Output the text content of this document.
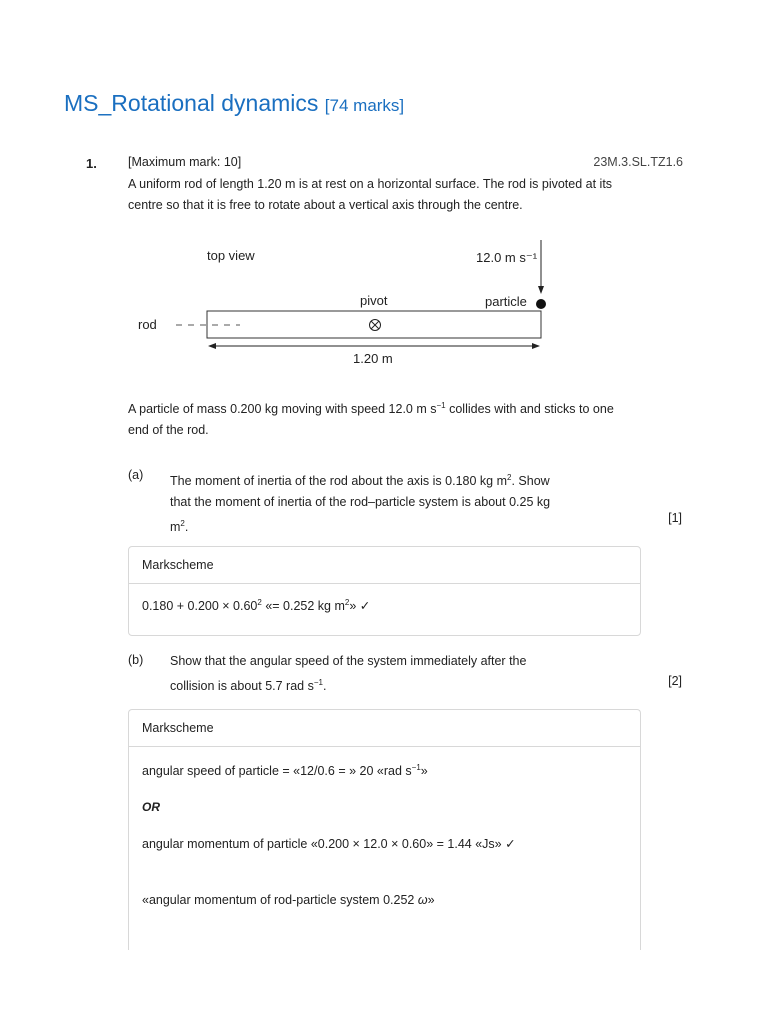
MS_Rotational dynamics [74 marks]
1. [Maximum mark: 10]	23M.3.SL.TZ1.6
A uniform rod of length 1.20 m is at rest on a horizontal surface. The rod is pivoted at its
centre so that it is free to rotate about a vertical axis through the centre.
top view	12.0 m s⁻¹
pivot	particle
rod
1.20 m
A particle of mass 0.200 kg moving with speed 12.0 m $s^{-1}$ collides with and sticks to one
end of the rod.
(a) The moment of inertia of the rod about the axis is 0.180 kg $m^2$. Show
that the moment of inertia of the rod–particle system is about 0.25 kg
$m^2$.
[1]
Markscheme
$0.180 + 0.200 \times 0.60^2$ «= 0.252 kg $m^2$» ✓
(b) Show that the angular speed of the system immediately after the
collision is about 5.7 rad $s^{-1}$.	[2]
Markscheme
angular speed of particle = «12/0.6 = » 20 «rad $s^{-1}$»
OR
angular momentum of particle «0.200 × 12.0 × 0.60» = 1.44 «Js» ✓
«angular momentum of rod-particle system 0.252 ω»
